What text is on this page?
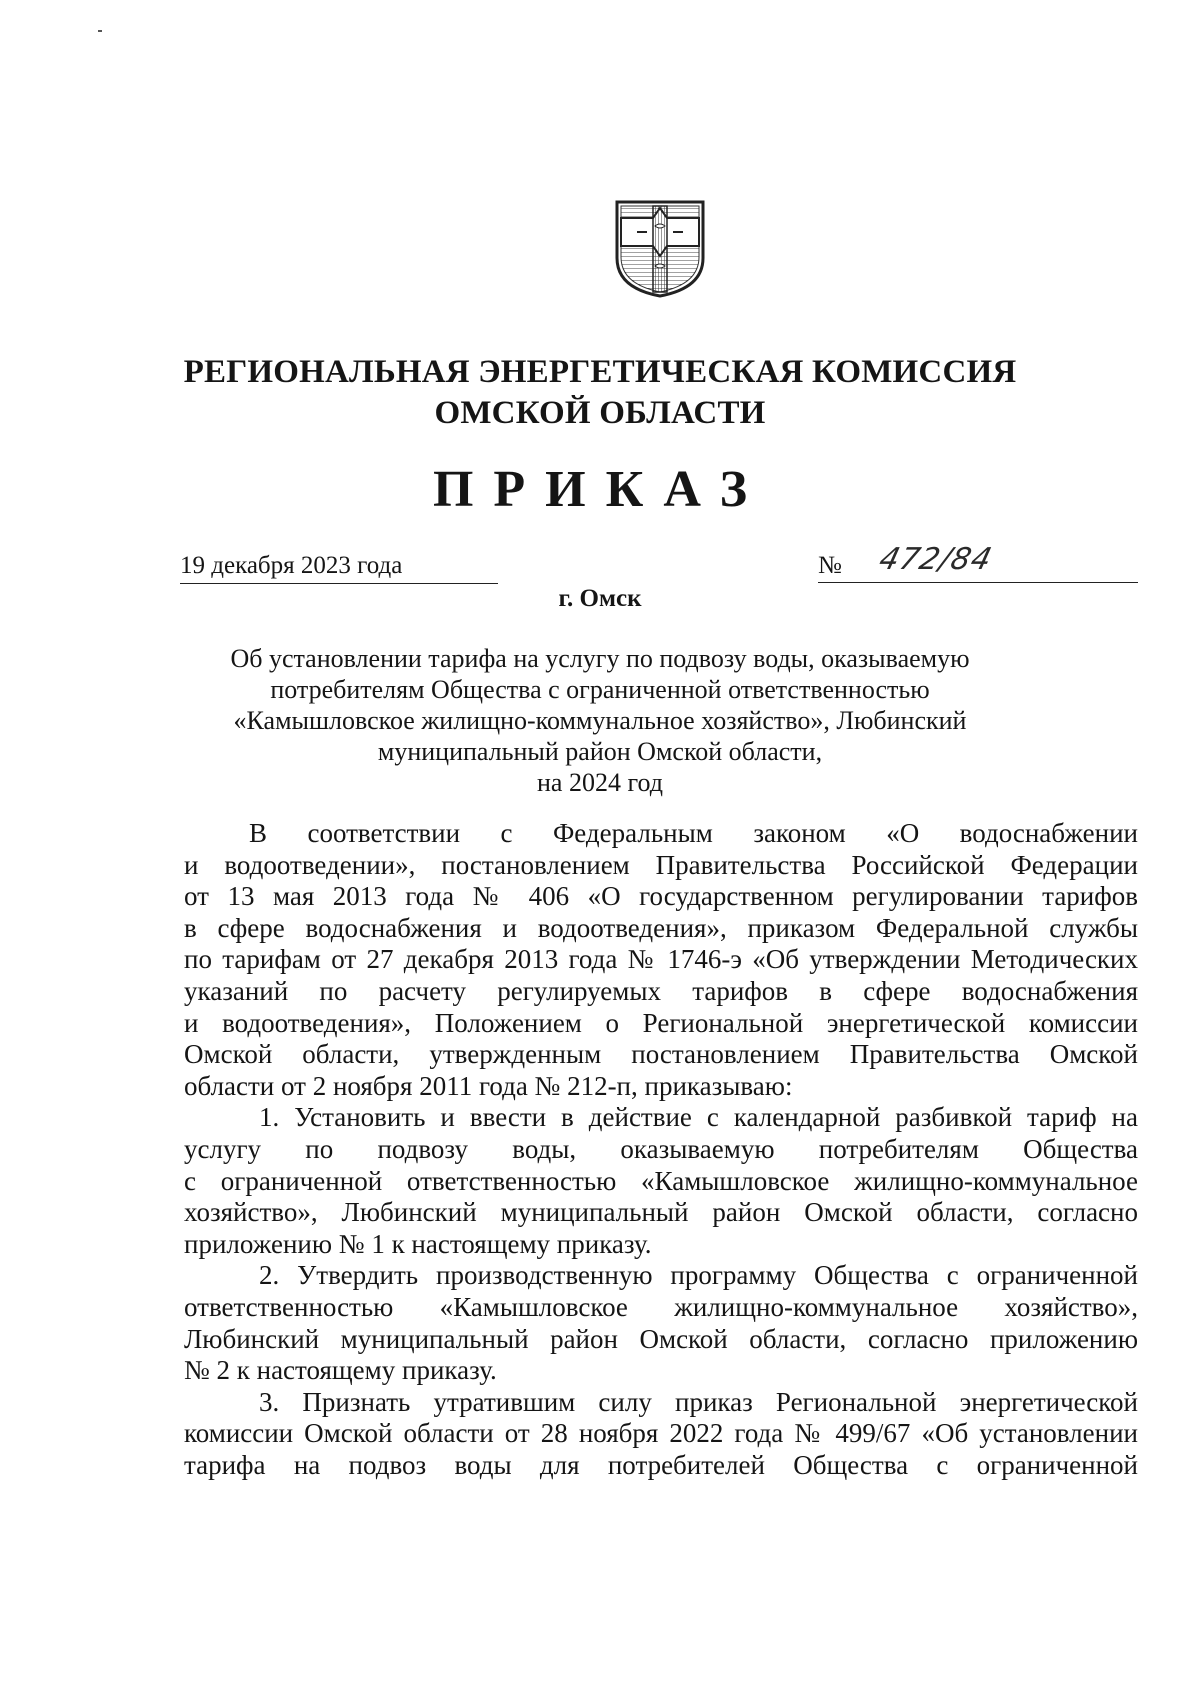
РЕГИОНАЛЬНАЯ ЭНЕРГЕТИЧЕСКАЯ КОМИССИЯ
ОМСКОЙ ОБЛАСТИ
ПРИКАЗ
19 декабря 2023 года	№ 472/84
г. Омск
Об установлении тарифа на услугу по подвозу воды, оказываемую
потребителям Общества с ограниченной ответственностью
«Камышловское жилищно-коммунальное хозяйство», Любинский
муниципальный район Омской области,
на 2024 год
В соответствии с Федеральным законом «О водоснабжении
и водоотведении», постановлением Правительства Российской Федерации
от 13 мая 2013 года № 406 «О государственном регулировании тарифов
в сфере водоснабжения и водоотведения», приказом Федеральной службы
по тарифам от 27 декабря 2013 года № 1746-э «Об утверждении Методических
указаний по расчету регулируемых тарифов в сфере водоснабжения
и водоотведения», Положением о Региональной энергетической комиссии
Омской области, утвержденным постановлением Правительства Омской
области от 2 ноября 2011 года № 212-п, приказываю:
1. Установить и ввести в действие с календарной разбивкой тариф на
услугу по подвозу воды, оказываемую потребителям Общества
с ограниченной ответственностью «Камышловское жилищно-коммунальное
хозяйство», Любинский муниципальный район Омской области, согласно
приложению № 1 к настоящему приказу.
2. Утвердить производственную программу Общества с ограниченной
ответственностью «Камышловское жилищно-коммунальное хозяйство»,
Любинский муниципальный район Омской области, согласно приложению
№ 2 к настоящему приказу.
3. Признать утратившим силу приказ Региональной энергетической
комиссии Омской области от 28 ноября 2022 года № 499/67 «Об установлении
тарифа на подвоз воды для потребителей Общества с ограниченной
